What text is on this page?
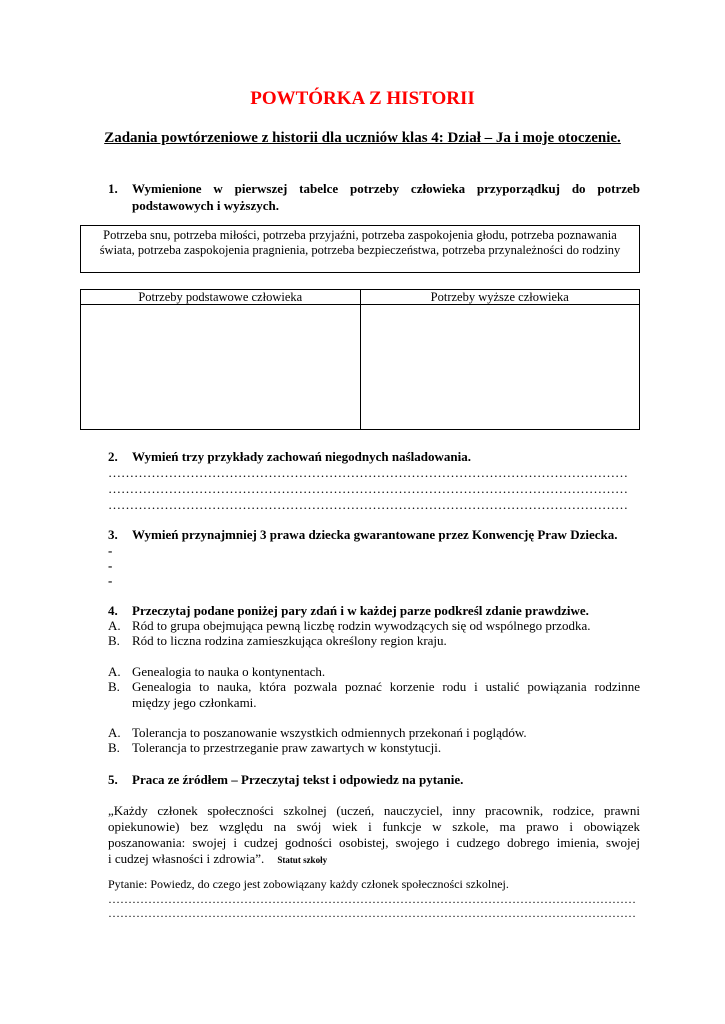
POWTÓRKA Z HISTORII
Zadania powtórzeniowe z historii dla uczniów klas 4: Dział – Ja i moje otoczenie.
1. Wymienione w pierwszej tabelce potrzeby człowieka przyporządkuj do potrzeb
podstawowych i wyższych.
Potrzeba snu, potrzeba miłości, potrzeba przyjaźni, potrzeba zaspokojenia głodu, potrzeba poznawania świata, potrzeba zaspokojenia pragnienia, potrzeba bezpieczeństwa, potrzeba przynależności do rodziny
Potrzeby podstawowe człowieka	Potrzeby wyższe człowieka

2. Wymień trzy przykłady zachowań niegodnych naśladowania.
…………………………………………………………………………………………………………
…………………………………………………………………………………………………………
…………………………………………………………………………………………………………
3. Wymień przynajmniej 3 prawa dziecka gwarantowane przez Konwencję Praw Dziecka.
-
-
-
4. Przeczytaj podane poniżej pary zdań i w każdej parze podkreśl zdanie prawdziwe.
A. Ród to grupa obejmująca pewną liczbę rodzin wywodzących się od wspólnego przodka.
B. Ród to liczna rodzina zamieszkująca określony region kraju.
A. Genealogia to nauka o kontynentach.
B. Genealogia to nauka, która pozwala poznać korzenie rodu i ustalić powiązania rodzinne
między jego członkami.
A. Tolerancja to poszanowanie wszystkich odmiennych przekonań i poglądów.
B. Tolerancja to przestrzeganie praw zawartych w konstytucji.
5. Praca ze źródłem – Przeczytaj tekst i odpowiedz na pytanie.
„Każdy członek społeczności szkolnej (uczeń, nauczyciel, inny pracownik, rodzice, prawni
opiekunowie) bez względu na swój wiek i funkcje w szkole, ma prawo i obowiązek
poszanowania: swojej i cudzej godności osobistej, swojego i cudzego dobrego imienia, swojej
i cudzej własności i zdrowia”. Statut szkoły
Pytanie: Powiedz, do czego jest zobowiązany każdy członek społeczności szkolnej.
……………………………………………………………………………………………………………………
……………………………………………………………………………………………………………………
